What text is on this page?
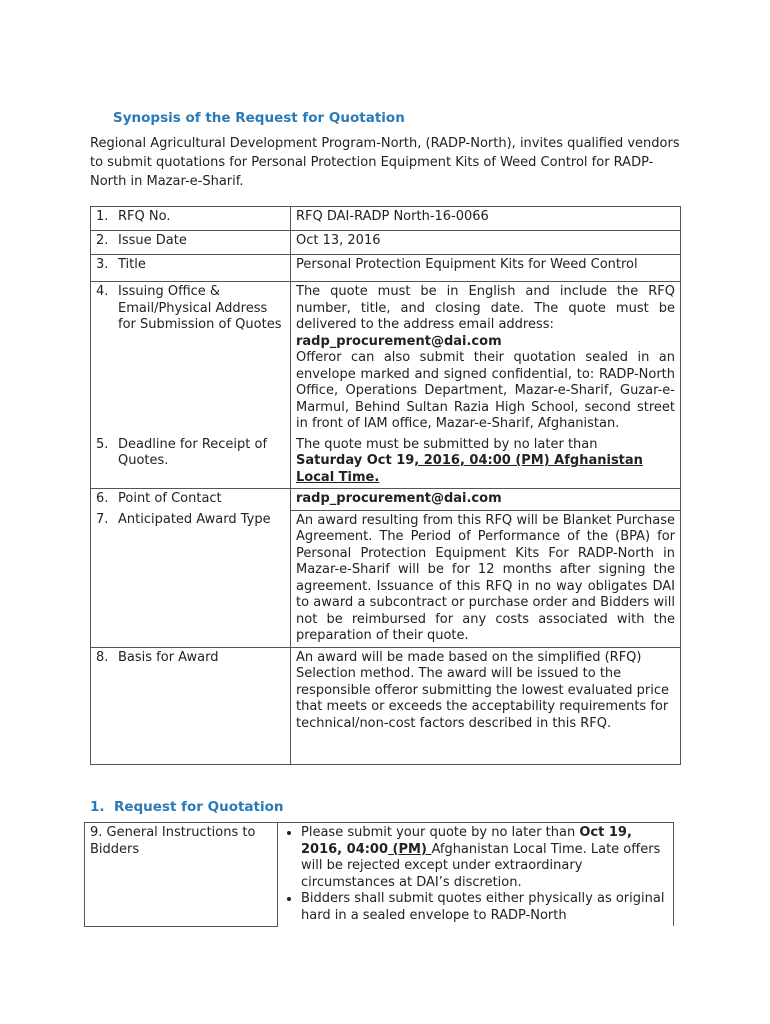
Synopsis of the Request for Quotation
Regional Agricultural Development Program-North, (RADP-North), invites qualified vendors to submit quotations for Personal Protection Equipment Kits of Weed Control for RADP-North in Mazar-e-Sharif.
1. RFQ No.	RFQ DAI-RADP North-16-0066

2. Issue Date	Oct 13, 2016

3. Title	Personal Protection Equipment Kits for Weed Control

4. Issuing Office & Email/Physical Address for Submission of Quotes	The quote must be in English and include the RFQ number, title, and closing date. The quote must be delivered to the address email address:
radp_procurement@dai.com
Offeror can also submit their quotation sealed in an envelope marked and signed confidential, to: RADP-North Office, Operations Department, Mazar-e-Sharif, Guzar-e-Marmul, Behind Sultan Razia High School, second street in front of IAM office, Mazar-e-Sharif, Afghanistan.

5. Deadline for Receipt of Quotes.	The quote must be submitted by no later than
Saturday Oct 19, 2016, 04:00 (PM) Afghanistan Local Time.

6. Point of Contact	radp_procurement@dai.com

7. Anticipated Award Type	An award resulting from this RFQ will be Blanket Purchase Agreement. The Period of Performance of the (BPA) for Personal Protection Equipment Kits For RADP-North in Mazar-e-Sharif will be for 12 months after signing the agreement. Issuance of this RFQ in no way obligates DAI to award a subcontract or purchase order and Bidders will not be reimbursed for any costs associated with the preparation of their quote.

8. Basis for Award	An award will be made based on the simplified (RFQ) Selection method. The award will be issued to the responsible offeror submitting the lowest evaluated price that meets or exceeds the acceptability requirements for technical/non-cost factors described in this RFQ.
1. Request for Quotation
9. General Instructions to Bidders	
• Please submit your quote by no later than Oct 19, 2016, 04:00 (PM) Afghanistan Local Time. Late offers will be rejected except under extraordinary circumstances at DAI’s discretion.
• Bidders shall submit quotes either physically as original hard in a sealed envelope to RADP-North
